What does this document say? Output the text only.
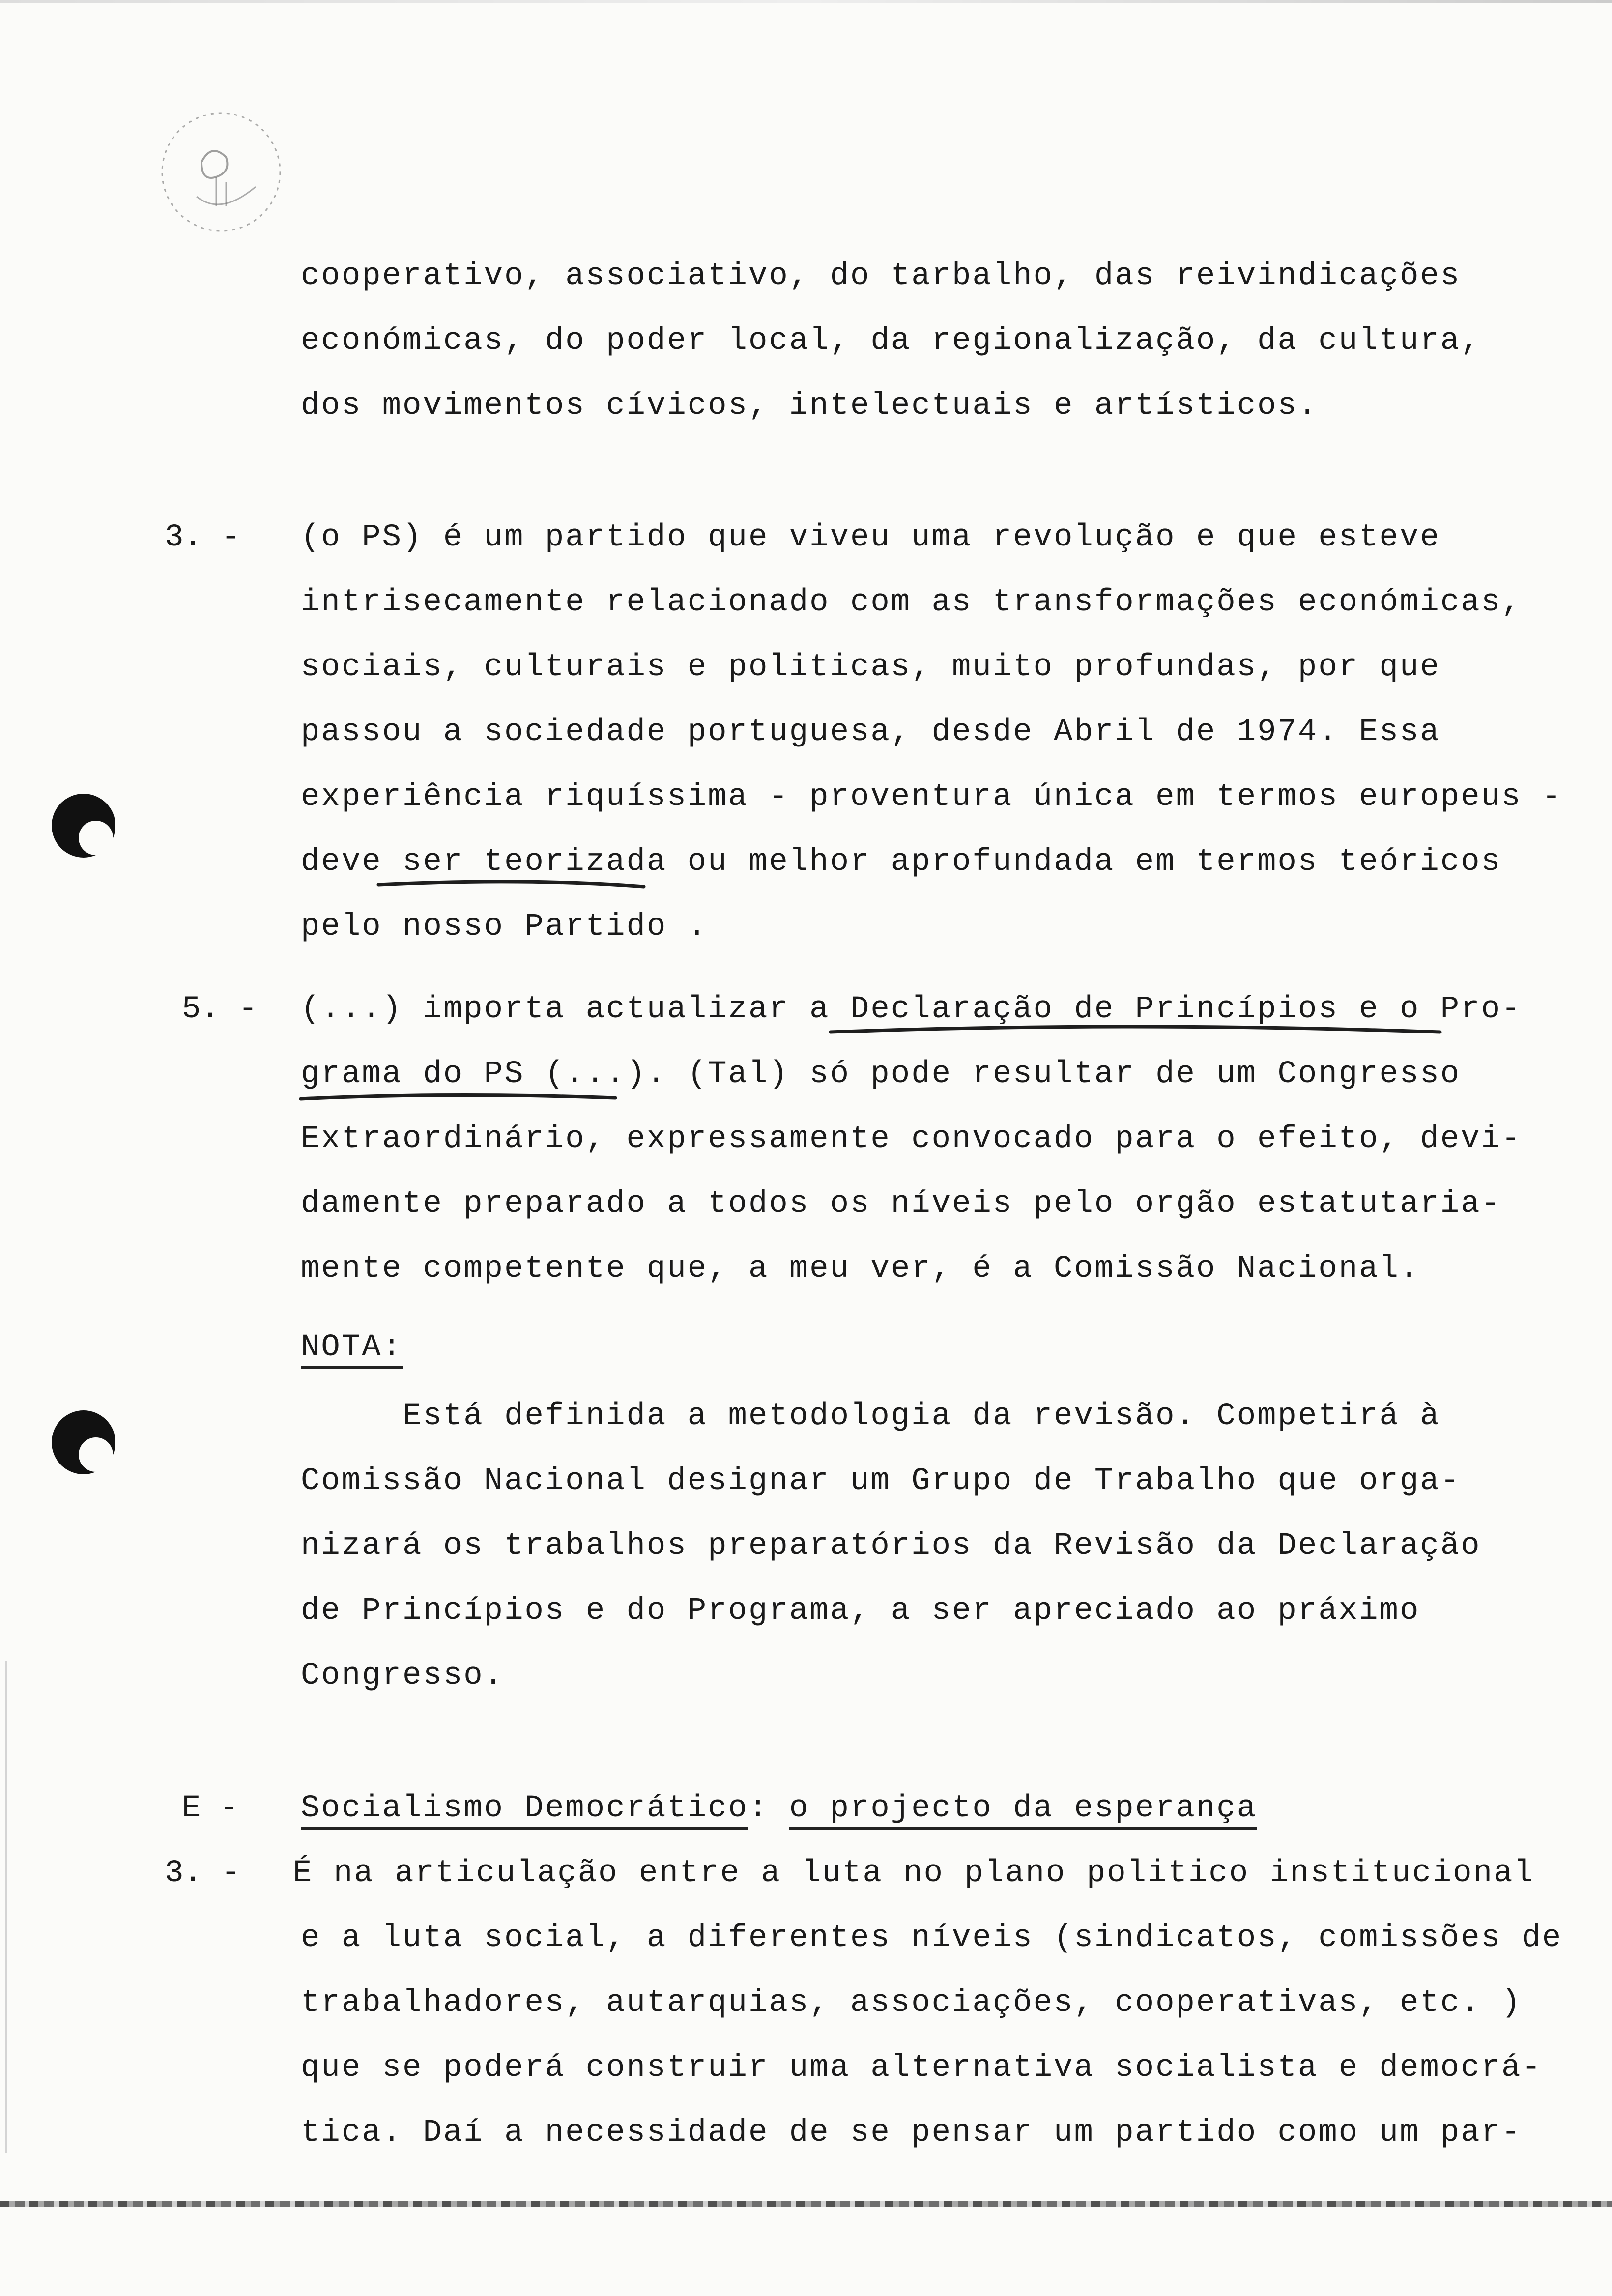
cooperativo, associativo, do tarbalho, das reivindicações
económicas, do poder local, da regionalização, da cultura,
dos movimentos cívicos, intelectuais e artísticos.
3. - (o PS) é um partido que viveu uma revolução e que esteve
intrisecamente relacionado com as transformações económicas,
sociais, culturais e politicas, muito profundas, por que
passou a sociedade portuguesa, desde Abril de 1974. Essa
experiência riquíssima - proventura única em termos europeus -
deve ser teorizada ou melhor aprofundada em termos teóricos
pelo nosso Partido .
5. - (...) importa actualizar a Declaração de Princípios e o Pro-
grama do PS (...). (Tal) só pode resultar de um Congresso
Extraordinário, expressamente convocado para o efeito, devi-
damente preparado a todos os níveis pelo orgão estatutaria-
mente competente que, a meu ver, é a Comissão Nacional.
NOTA:
Está definida a metodologia da revisão. Competirá à
Comissão Nacional designar um Grupo de Trabalho que orga-
nizará os trabalhos preparatórios da Revisão da Declaração
de Princípios e do Programa, a ser apreciado ao práximo
Congresso.
E - Socialismo Democrático: o projecto da esperança
3. - É na articulação entre a luta no plano politico institucional
e a luta social, a diferentes níveis (sindicatos, comissões de
trabalhadores, autarquias, associações, cooperativas, etc. )
que se poderá construir uma alternativa socialista e democrá-
tica. Daí a necessidade de se pensar um partido como um par-
